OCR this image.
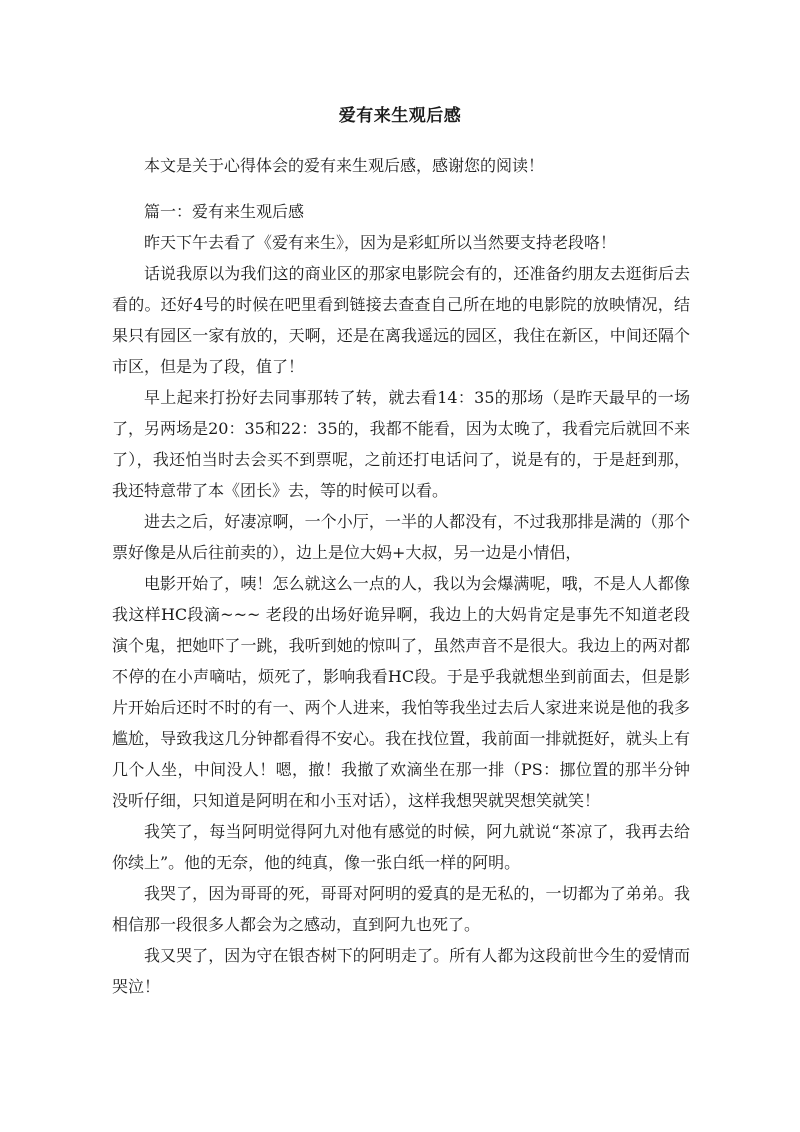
爱有来生观后感

本文是关于心得体会的爱有来生观后感，感谢您的阅读！

篇一：爱有来生观后感

昨天下午去看了《爱有来生》，因为是彩虹所以当然要支持老段咯！

话说我原以为我们这的商业区的那家电影院会有的，还准备约朋友去逛街后去看的。还好4号的时候在吧里看到链接去查查自己所在地的电影院的放映情况，结果只有园区一家有放的，天啊，还是在离我遥远的园区，我住在新区，中间还隔个市区，但是为了段，值了！

早上起来打扮好去同事那转了转，就去看14：35的那场（是昨天最早的一场了，另两场是20：35和22：35的，我都不能看，因为太晚了，我看完后就回不来了），我还怕当时去会买不到票呢，之前还打电话问了，说是有的，于是赶到那，我还特意带了本《团长》去，等的时候可以看。

进去之后，好凄凉啊，一个小厅，一半的人都没有，不过我那排是满的（那个票好像是从后往前卖的），边上是位大妈+大叔，另一边是小情侣，

电影开始了，咦！怎么就这么一点的人，我以为会爆满呢，哦，不是人人都像我这样HC段滴~~~ 老段的出场好诡异啊，我边上的大妈肯定是事先不知道老段演个鬼，把她吓了一跳，我听到她的惊叫了，虽然声音不是很大。我边上的两对都不停的在小声嘀咕，烦死了，影响我看HC段。于是乎我就想坐到前面去，但是影片开始后还时不时的有一、两个人进来，我怕等我坐过去后人家进来说是他的我多尴尬，导致我这几分钟都看得不安心。我在找位置，我前面一排就挺好，就头上有几个人坐，中间没人！嗯，撤！我撤了欢滴坐在那一排（PS：挪位置的那半分钟没听仔细，只知道是阿明在和小玉对话），这样我想哭就哭想笑就笑！

我笑了，每当阿明觉得阿九对他有感觉的时候，阿九就说“茶凉了，我再去给你续上”。他的无奈，他的纯真，像一张白纸一样的阿明。

我哭了，因为哥哥的死，哥哥对阿明的爱真的是无私的，一切都为了弟弟。我相信那一段很多人都会为之感动，直到阿九也死了。

我又哭了，因为守在银杏树下的阿明走了。所有人都为这段前世今生的爱情而哭泣！
